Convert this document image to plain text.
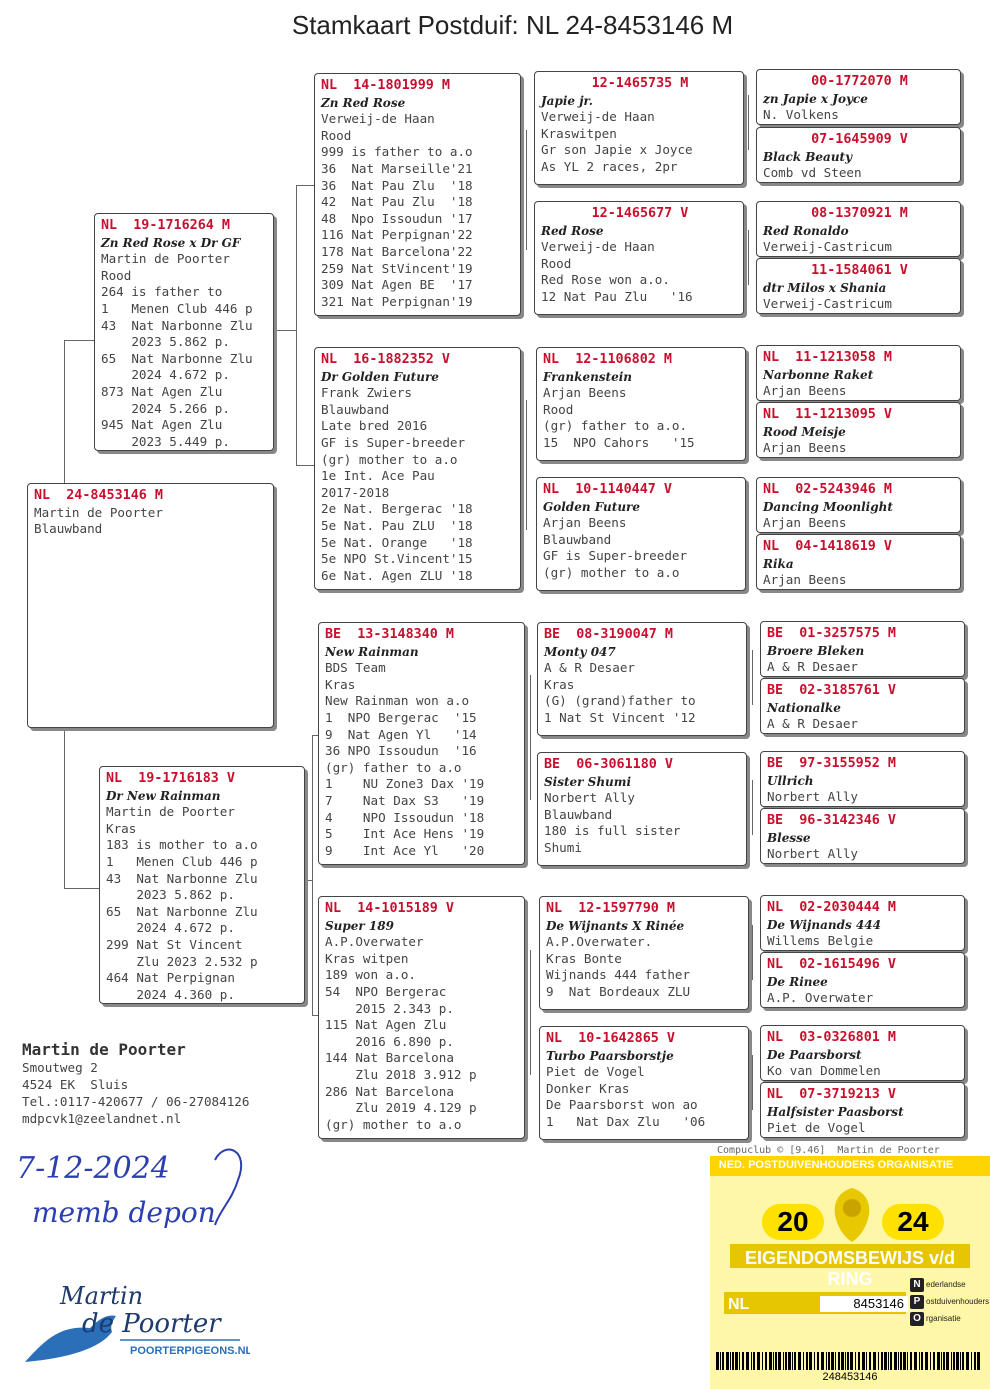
Stamkaart Postduif: NL 24-8453146 M
NL  24-8453146 M
Martin de Poorter
Blauwband
NL  19-1716264 M
Zn Red Rose x Dr GF
Martin de Poorter
Rood
264 is father to
1   Menen Club 446 p
43  Nat Narbonne Zlu
2023 5.862 p.
65  Nat Narbonne Zlu
2024 4.672 p.
873 Nat Agen Zlu
2024 5.266 p.
945 Nat Agen Zlu
2023 5.449 p.
NL  19-1716183 V
Dr New Rainman
Martin de Poorter
Kras
183 is mother to a.o
1   Menen Club 446 p
43  Nat Narbonne Zlu
2023 5.862 p.
65  Nat Narbonne Zlu
2024 4.672 p.
299 Nat St Vincent
Zlu 2023 2.532 p
464 Nat Perpignan
2024 4.360 p.
NL  14-1801999 M
Zn Red Rose
Verweij-de Haan
Rood
999 is father to a.o
36  Nat Marseille'21
36  Nat Pau Zlu  '18
42  Nat Pau Zlu  '18
48  Npo Issoudun '17
116 Nat Perpignan'22
178 Nat Barcelona'22
259 Nat StVincent'19
309 Nat Agen BE  '17
321 Nat Perpignan'19
NL  16-1882352 V
Dr Golden Future
Frank Zwiers
Blauwband
Late bred 2016
GF is Super-breeder
(gr) mother to a.o
1e Int. Ace Pau
2017-2018
2e Nat. Bergerac '18
5e Nat. Pau ZLU  '18
5e Nat. Orange   '18
5e NPO St.Vincent'15
6e Nat. Agen ZLU '18
BE  13-3148340 M
New Rainman
BDS Team
Kras
New Rainman won a.o
1  NPO Bergerac  '15
9  Nat Agen Yl   '14
36 NPO Issoudun  '16
(gr) father to a.o
1    NU Zone3 Dax '19
7    Nat Dax S3   '19
4    NPO Issoudun '18
5    Int Ace Hens '19
9    Int Ace Yl   '20
NL  14-1015189 V
Super 189
A.P.Overwater
Kras witpen
189 won a.o.
54  NPO Bergerac
2015 2.343 p.
115 Nat Agen Zlu
2016 6.890 p.
144 Nat Barcelona
Zlu 2018 3.912 p
286 Nat Barcelona
Zlu 2019 4.129 p
(gr) mother to a.o
12-1465735 M
Japie jr.
Verweij-de Haan
Kraswitpen
Gr son Japie x Joyce
As YL 2 races, 2pr
12-1465677 V
Red Rose
Verweij-de Haan
Rood
Red Rose won a.o.
12 Nat Pau Zlu   '16
NL  12-1106802 M
Frankenstein
Arjan Beens
Rood
(gr) father to a.o.
15  NPO Cahors   '15
NL  10-1140447 V
Golden Future
Arjan Beens
Blauwband
GF is Super-breeder
(gr) mother to a.o
BE  08-3190047 M
Monty 047
A & R Desaer
Kras
(G) (grand)father to
1 Nat St Vincent '12
BE  06-3061180 V
Sister Shumi
Norbert Ally
Blauwband
180 is full sister
Shumi
NL  12-1597790 M
De Wijnants X Rinée
A.P.Overwater.
Kras Bonte
Wijnands 444 father
9  Nat Bordeaux ZLU
NL  10-1642865 V
Turbo Paarsborstje
Piet de Vogel
Donker Kras
De Paarsborst won ao
1   Nat Dax Zlu   '06
00-1772070 M
zn Japie x Joyce
N. Volkens
07-1645909 V
Black Beauty
Comb vd Steen
08-1370921 M
Red Ronaldo
Verweij-Castricum
11-1584061 V
dtr Milos x Shania
Verweij-Castricum
NL  11-1213058 M
Narbonne Raket
Arjan Beens
NL  11-1213095 V
Rood Meisje
Arjan Beens
NL  02-5243946 M
Dancing Moonlight
Arjan Beens
NL  04-1418619 V
Rika
Arjan Beens
BE  01-3257575 M
Broere Bleken
A & R Desaer
BE  02-3185761 V
Nationalke
A & R Desaer
BE  97-3155952 M
Ullrich
Norbert Ally
BE  96-3142346 V
Blesse
Norbert Ally
NL  02-2030444 M
De Wijnands 444
Willems Belgie
NL  02-1615496 V
De Rinee
A.P. Overwater
NL  03-0326801 M
De Paarsborst
Ko van Dommelen
NL  07-3719213 V
Halfsister Paasborst
Piet de Vogel
Martin de Poorter
Smoutweg 2
4524 EK  Sluis
Tel.:0117-420677 / 06-27084126
mdpcvk1@zeelandnet.nl
7-12-2024
memb depon
Martin
de Poorter
POORTERPIGEONS.NL
Compuclub © [9.46]  Martin de Poorter
NED. POSTDUIVENHOUDERS ORGANISATIE
20	24
EIGENDOMSBEWIJS v/d RING
NL	8453146
N ederlandse
P ostduivenhouders
O rganisatie
248453146
